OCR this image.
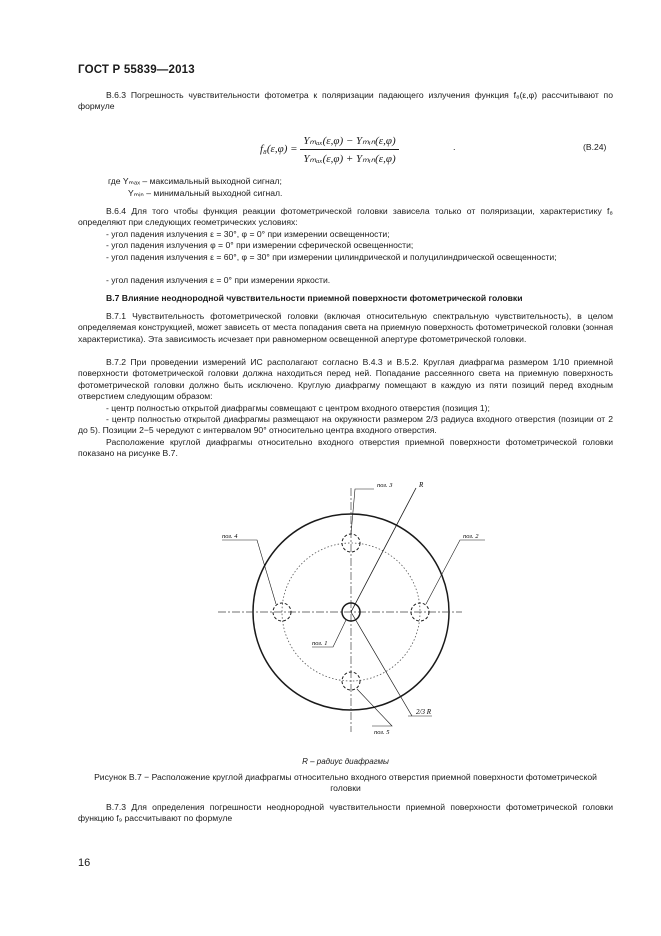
ГОСТ Р 55839—2013

В.6.3 Погрешность чувствительности фотометра к поляризации падающего излучения функция f₈(ε,φ) рассчитывают по формуле

$f_8(\varepsilon,\varphi) = \frac{\text{Yₘₐₓ(ε,φ) − Yₘᵢₙ(ε,φ)}}{\text{Yₘₐₓ(ε,φ) + Yₘᵢₙ(ε,φ)}}$	.	(В.24)
где Yₘₐₓ – максимальный выходной сигнал;
Yₘᵢₙ – минимальный выходной сигнал.

В.6.4 Для того чтобы функция реакции фотометрической головки зависела только от поляризации, характеристику f₈ определяют при следующих геометрических условиях:

- угол падения излучения ε = 30°, φ = 0° при измерении освещенности;
- угол падения излучения φ = 0° при измерении сферической освещенности;

- угол падения излучения ε = 60°, φ = 30° при измерении цилиндрической и полуцилиндрической освещенности;

- угол падения излучения ε = 0° при измерении яркости.
В.7 Влияние неоднородной чувствительности приемной поверхности фотометрической головки

В.7.1 Чувствительность фотометрической головки (включая относительную спектральную чувствительность), в целом определяемая конструкцией, может зависеть от места попадания света на приемную поверхность фотометрической головки (зонная характеристика). Эта зависимость исчезает при равномерном освещенной апертуре фотометрической головки.

В.7.2 При проведении измерений ИС располагают согласно В.4.3 и В.5.2. Круглая диафрагма размером 1/10 приемной поверхности фотометрической головки должна находиться перед ней. Попадание рассеянного света на приемную поверхность фотометрической головки должно быть исключено. Круглую диафрагму помещают в каждую из пяти позиций перед входным отверстием следующим образом:

- центр полностью открытой диафрагмы совмещают с центром входного отверстия (позиция 1);

- центр полностью открытой диафрагмы размещают на окружности размером 2/3 радиуса входного отверстия (позиции от 2 до 5). Позиции 2−5 чередуют с интервалом 90° относительно центра входного отверстия.

Расположение круглой диафрагмы относительно входного отверстия приемной поверхности фотометрической головки показано на рисунке В.7.

поз. 3	R
поз. 4	поз. 2
поз. 1
поз. 5
2/3 R
R – радиус диафрагмы
Рисунок В.7 − Расположение круглой диафрагмы относительно входного отверстия приемной поверхности фотометрической головки

В.7.3 Для определения погрешности неоднородной чувствительности приемной поверхности фотометрической головки функцию f₉ рассчитывают по формуле

16
